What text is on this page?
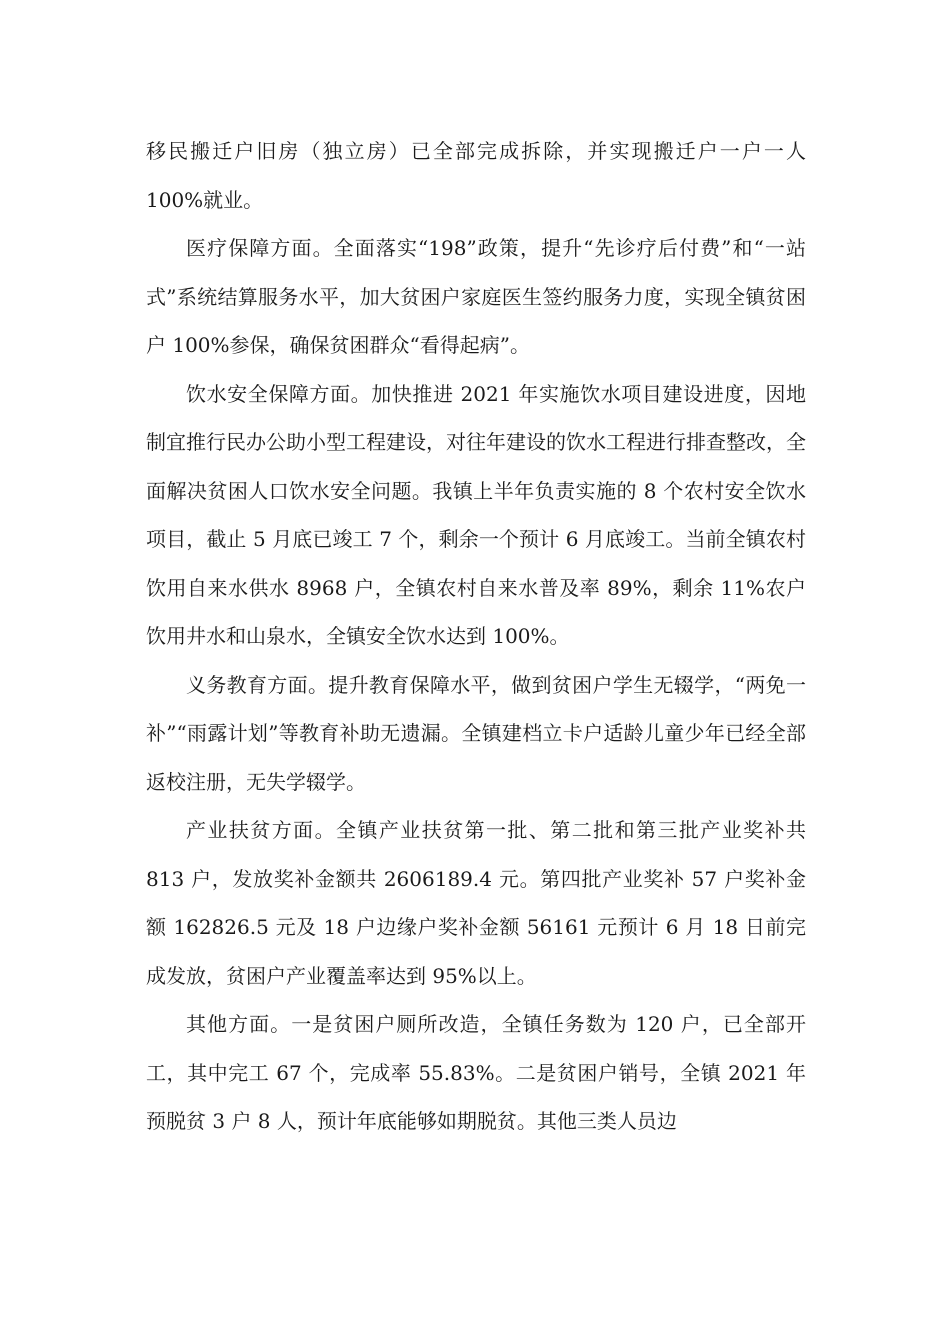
移民搬迁户旧房（独立房）已全部完成拆除，并实现搬迁户一户一人 100%就业。

医疗保障方面。全面落实“198”政策，提升“先诊疗后付费”和“一站式”系统结算服务水平，加大贫困户家庭医生签约服务力度，实现全镇贫困户 100%参保，确保贫困群众“看得起病”。

饮水安全保障方面。加快推进 2021 年实施饮水项目建设进度，因地制宜推行民办公助小型工程建设，对往年建设的饮水工程进行排查整改，全面解决贫困人口饮水安全问题。我镇上半年负责实施的 8 个农村安全饮水项目，截止 5 月底已竣工 7 个，剩余一个预计 6 月底竣工。当前全镇农村饮用自来水供水 8968 户，全镇农村自来水普及率 89%，剩余 11%农户饮用井水和山泉水，全镇安全饮水达到 100%。

义务教育方面。提升教育保障水平，做到贫困户学生无辍学，“两免一补”“雨露计划”等教育补助无遗漏。全镇建档立卡户适龄儿童少年已经全部返校注册，无失学辍学。

产业扶贫方面。全镇产业扶贫第一批、第二批和第三批产业奖补共 813 户，发放奖补金额共 2606189.4 元。第四批产业奖补 57 户奖补金额 162826.5 元及 18 户边缘户奖补金额 56161 元预计 6 月 18 日前完成发放，贫困户产业覆盖率达到 95%以上。

其他方面。一是贫困户厕所改造，全镇任务数为 120 户，已全部开工，其中完工 67 个，完成率 55.83%。二是贫困户销号，全镇 2021 年预脱贫 3 户 8 人，预计年底能够如期脱贫。其他三类人员边
